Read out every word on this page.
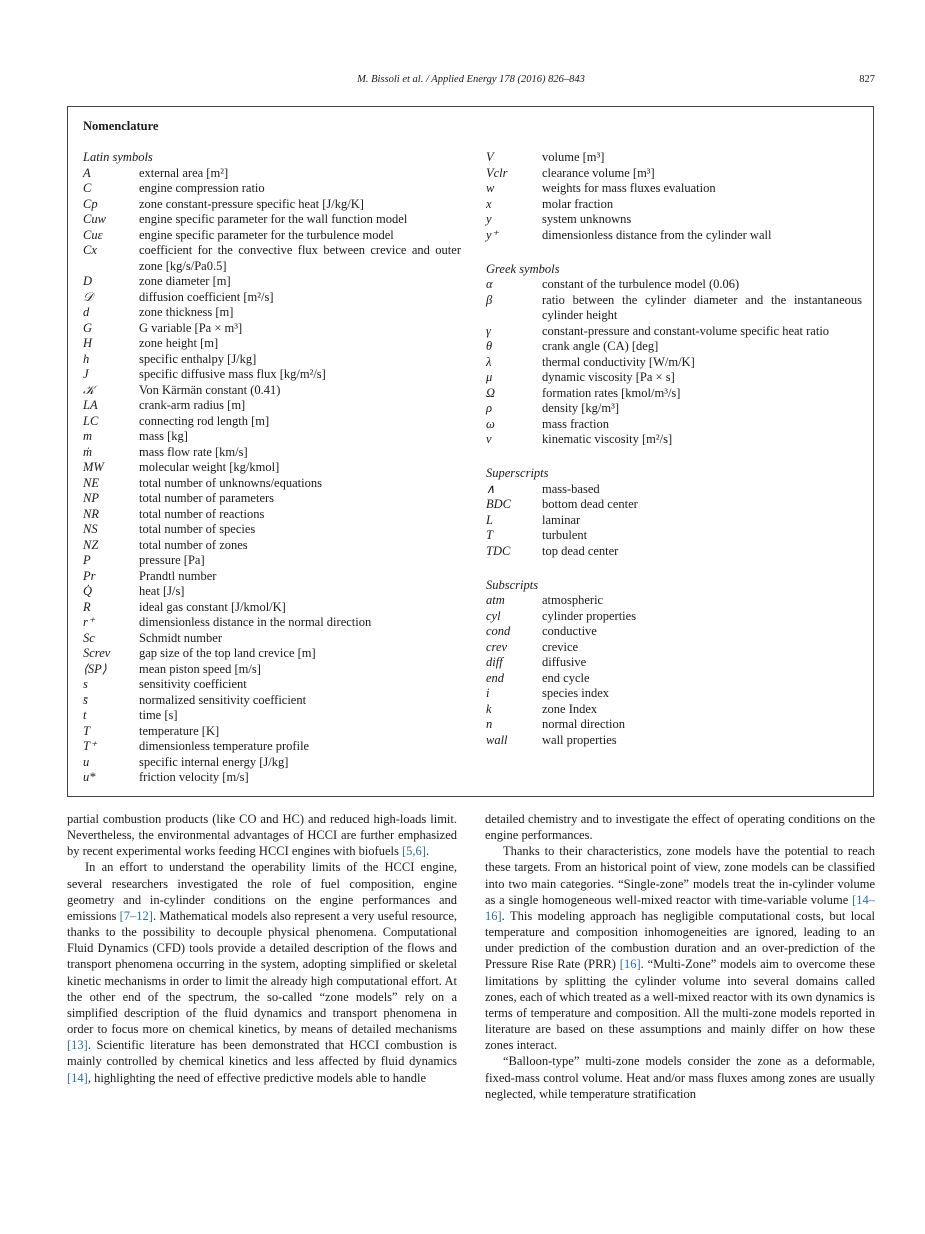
M. Bissoli et al. / Applied Energy 178 (2016) 826–843	827
Nomenclature
Latin symbols
A	external area [m²]
C	engine compression ratio
Cp	zone constant-pressure specific heat [J/kg/K]
Cuw	engine specific parameter for the wall function model
Cuε	engine specific parameter for the turbulence model
Cx	coefficient for the convective flux between crevice and outer zone [kg/s/Pa0.5]
D	zone diameter [m]
𝒟	diffusion coefficient [m²/s]
d	zone thickness [m]
G	G variable [Pa × m³]
H	zone height [m]
h	specific enthalpy [J/kg]
J	specific diffusive mass flux [kg/m²/s]
𝒦	Von Kärmän constant (0.41)
LA	crank-arm radius [m]
LC	connecting rod length [m]
m	mass [kg]
ṁ	mass flow rate [km/s]
MW	molecular weight [kg/kmol]
NE	total number of unknowns/equations
NP	total number of parameters
NR	total number of reactions
NS	total number of species
NZ	total number of zones
P	pressure [Pa]
Pr	Prandtl number
Q̇	heat [J/s]
R	ideal gas constant [J/kmol/K]
r⁺	dimensionless distance in the normal direction
Sc	Schmidt number
Screv	gap size of the top land crevice [m]
⟨SP⟩	mean piston speed [m/s]
s	sensitivity coefficient
s̄	normalized sensitivity coefficient
t	time [s]
T	temperature [K]
T⁺	dimensionless temperature profile
u	specific internal energy [J/kg]
u*	friction velocity [m/s]
V	volume [m³]
Vclr	clearance volume [m³]
w	weights for mass fluxes evaluation
x	molar fraction
y	system unknowns
y⁺	dimensionless distance from the cylinder wall
Greek symbols
α	constant of the turbulence model (0.06)
β	ratio between the cylinder diameter and the instantaneous cylinder height
γ	constant-pressure and constant-volume specific heat ratio
θ	crank angle (CA) [deg]
λ	thermal conductivity [W/m/K]
μ	dynamic viscosity [Pa × s]
Ω	formation rates [kmol/m³/s]
ρ	density [kg/m³]
ω	mass fraction
ν	kinematic viscosity [m²/s]
Superscripts
∧	mass-based
BDC	bottom dead center
L	laminar
T	turbulent
TDC	top dead center
Subscripts
atm	atmospheric
cyl	cylinder properties
cond	conductive
crev	crevice
diff	diffusive
end	end cycle
i	species index
k	zone Index
n	normal direction
wall	wall properties

partial combustion products (like CO and HC) and reduced high-loads limit. Nevertheless, the environmental advantages of HCCI are further emphasized by recent experimental works feeding HCCI engines with biofuels [5,6].

In an effort to understand the operability limits of the HCCI engine, several researchers investigated the role of fuel composition, engine geometry and in-cylinder conditions on the engine performances and emissions [7–12]. Mathematical models also represent a very useful resource, thanks to the possibility to decouple physical phenomena. Computational Fluid Dynamics (CFD) tools provide a detailed description of the flows and transport phenomena occurring in the system, adopting simplified or skeletal kinetic mechanisms in order to limit the already high computational effort. At the other end of the spectrum, the so-called “zone models” rely on a simplified description of the fluid dynamics and transport phenomena in order to focus more on chemical kinetics, by means of detailed mechanisms [13]. Scientific literature has been demonstrated that HCCI combustion is mainly controlled by chemical kinetics and less affected by fluid dynamics [14], highlighting the need of effective predictive models able to handle

detailed chemistry and to investigate the effect of operating conditions on the engine performances.

Thanks to their characteristics, zone models have the potential to reach these targets. From an historical point of view, zone models can be classified into two main categories. “Single-zone” models treat the in-cylinder volume as a single homogeneous well-mixed reactor with time-variable volume [14–16]. This modeling approach has negligible computational costs, but local temperature and composition inhomogeneities are ignored, leading to an under prediction of the combustion duration and an over-prediction of the Pressure Rise Rate (PRR) [16]. “Multi-Zone” models aim to overcome these limitations by splitting the cylinder volume into several domains called zones, each of which treated as a well-mixed reactor with its own dynamics is terms of temperature and composition. All the multi-zone models reported in literature are based on these assumptions and mainly differ on how these zones interact.

“Balloon-type” multi-zone models consider the zone as a deformable, fixed-mass control volume. Heat and/or mass fluxes among zones are usually neglected, while temperature stratification
